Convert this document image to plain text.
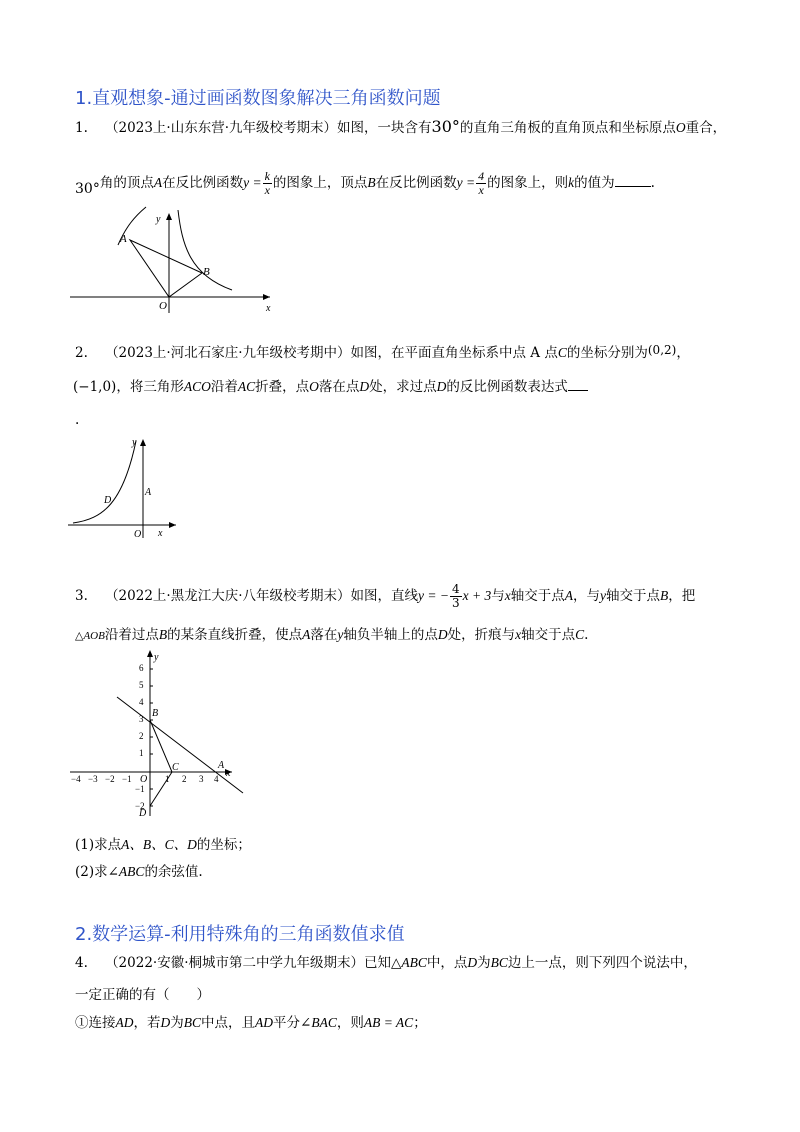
1.直观想象-通过画函数图象解决三角函数问题
1. （2023上·山东东营·九年级校考期末）如图，一块含有30°的直角三角板的直角顶点和坐标原点O重合，
30°角的顶点A在反比例函数$y = \frac{k}{x}$ 的图象上，顶点B在反比例函数$y = \frac{4}{x}$ 的图象上，则k的值为	.
O
y
x
A
B
2. （2023上·河北石家庄·九年级校考期中）如图，在平面直角坐标系中点 A 点C的坐标分别为(0,2)，
(−1,0)，将三角形ACO沿着AC折叠，点O落在点D处，求过点D的反比例函数表达式
.
y
x
O
A
D
3. （2022上·黑龙江大庆·八年级校考期末）如图，直线y = − $\frac{4}{3}$ x + 3与x轴交于点A，与y轴交于点B，把
△AOB沿着过点B的某条直线折叠，使点A落在y轴负半轴上的点D处，折痕与x轴交于点C.
6
5
4
3
2
1
−1
−2
−4 −3 −2 −1	1 2 3 4
y
x
O
B
C	A
D
(1)求点A、B、C、D的坐标；
(2)求∠ABC的余弦值.
2.数学运算-利用特殊角的三角函数值求值
4. （2022·安徽·桐城市第二中学九年级期末）已知△ABC中，点D为BC边上一点，则下列四个说法中，
一定正确的有（　　）
①连接AD，若D为BC中点，且AD平分∠BAC，则AB = AC；
